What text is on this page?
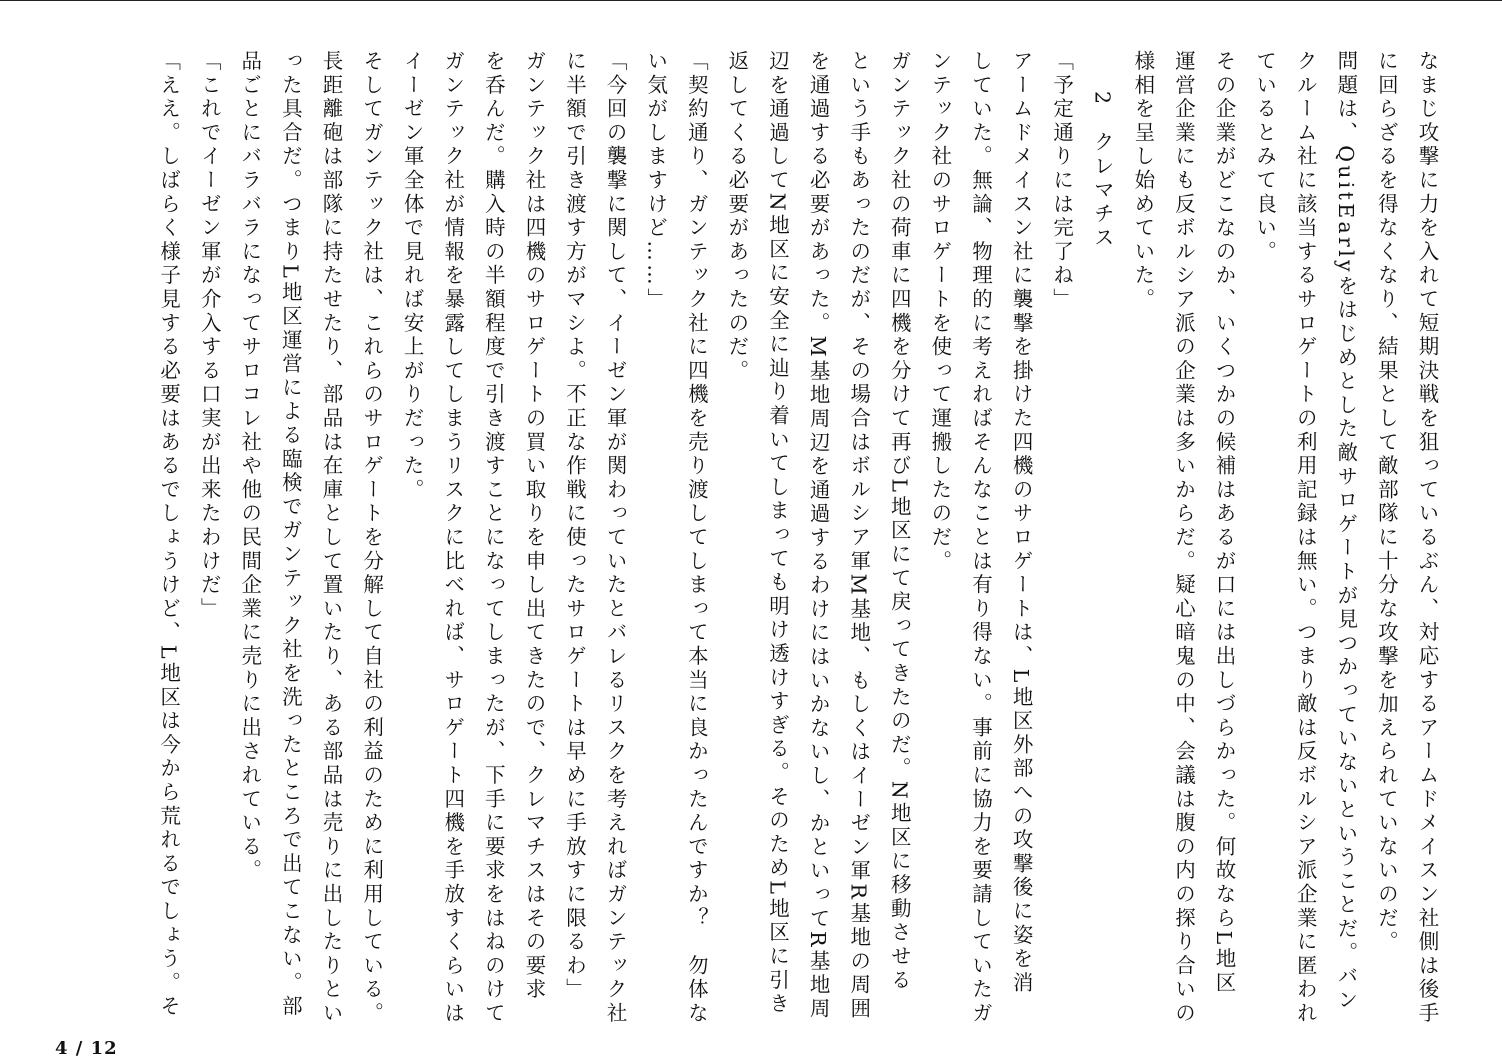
なまじ攻撃に力を入れて短期決戦を狙っているぶん、対応するアームドメイスン社側は後手

に回らざるを得なくなり、結果として敵部隊に十分な攻撃を加えられていないのだ。

問題は、QuitEarlyをはじめとした敵サロゲートが見つかっていないということだ。バン

クルーム社に該当するサロゲートの利用記録は無い。つまり敵は反ボルシア派企業に匿われ

ているとみて良い。

その企業がどこなのか、いくつかの候補はあるが口には出しづらかった。何故ならL地区

運営企業にも反ボルシア派の企業は多いからだ。疑心暗鬼の中、会議は腹の内の探り合いの

様相を呈し始めていた。

2　クレマチス

「予定通りには完了ね」

アームドメイスン社に襲撃を掛けた四機のサロゲートは、L地区外部への攻撃後に姿を消

していた。無論、物理的に考えればそんなことは有り得ない。事前に協力を要請していたガ

ンテック社のサロゲートを使って運搬したのだ。

ガンテック社の荷車に四機を分けて再びL地区にて戻ってきたのだ。N地区に移動させる

という手もあったのだが、その場合はボルシア軍M基地、もしくはイーゼン軍R基地の周囲

を通過する必要があった。M基地周辺を通過するわけにはいかないし、かといってR基地周

辺を通過してN地区に安全に辿り着いてしまっても明け透けすぎる。そのためL地区に引き

返してくる必要があったのだ。

「契約通り、ガンテック社に四機を売り渡してしまって本当に良かったんですか？　勿体な

い気がしますけど……」

「今回の襲撃に関して、イーゼン軍が関わっていたとバレるリスクを考えればガンテック社

に半額で引き渡す方がマシよ。不正な作戦に使ったサロゲートは早めに手放すに限るわ」

ガンテック社は四機のサロゲートの買い取りを申し出てきたので、クレマチスはその要求

を呑んだ。購入時の半額程度で引き渡すことになってしまったが、下手に要求をはねのけて

ガンテック社が情報を暴露してしまうリスクに比べれば、サロゲート四機を手放すくらいは

イーゼン軍全体で見れば安上がりだった。

そしてガンテック社は、これらのサロゲートを分解して自社の利益のために利用している。

長距離砲は部隊に持たせたり、部品は在庫として置いたり、ある部品は売りに出したりとい

った具合だ。つまりL地区運営による臨検でガンテック社を洗ったところで出てこない。部

品ごとにバラバラになってサロコレ社や他の民間企業に売りに出されている。

「これでイーゼン軍が介入する口実が出来たわけだ」

「ええ。しばらく様子見する必要はあるでしょうけど、L地区は今から荒れるでしょう。そ

4 / 12
